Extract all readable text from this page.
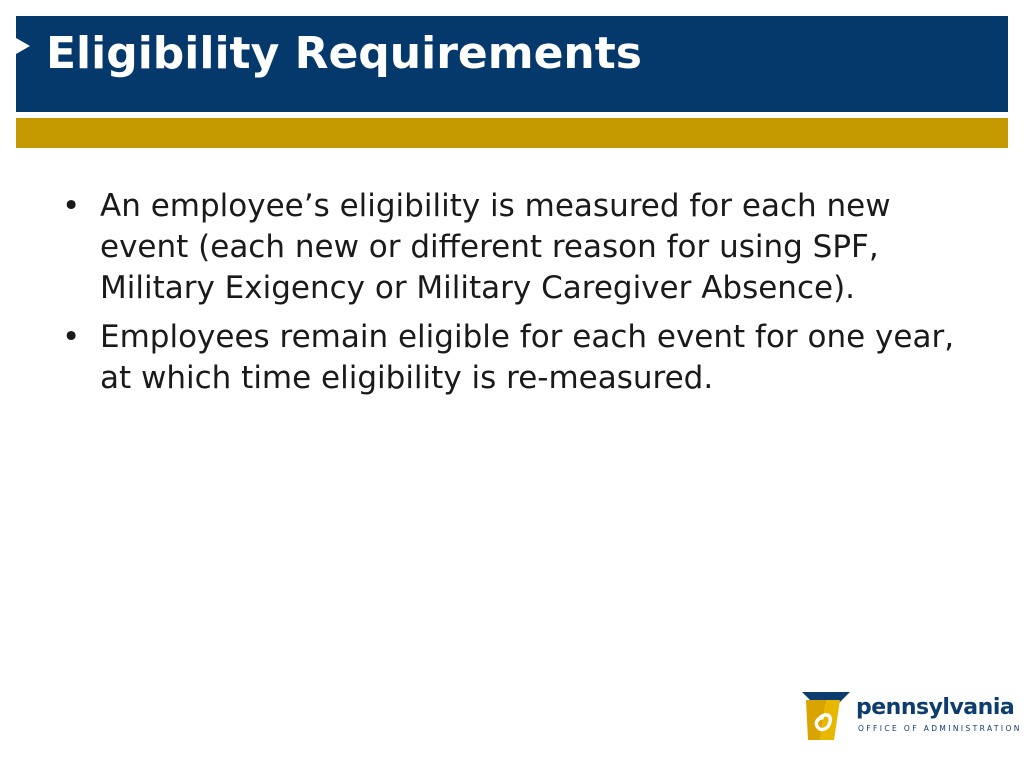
Eligibility Requirements
• An employee’s eligibility is measured for each new event (each new or different reason for using SPF, Military Exigency or Military Caregiver Absence).
• Employees remain eligible for each event for one year, at which time eligibility is re-measured.
pennsylvania
OFFICE OF ADMINISTRATION
